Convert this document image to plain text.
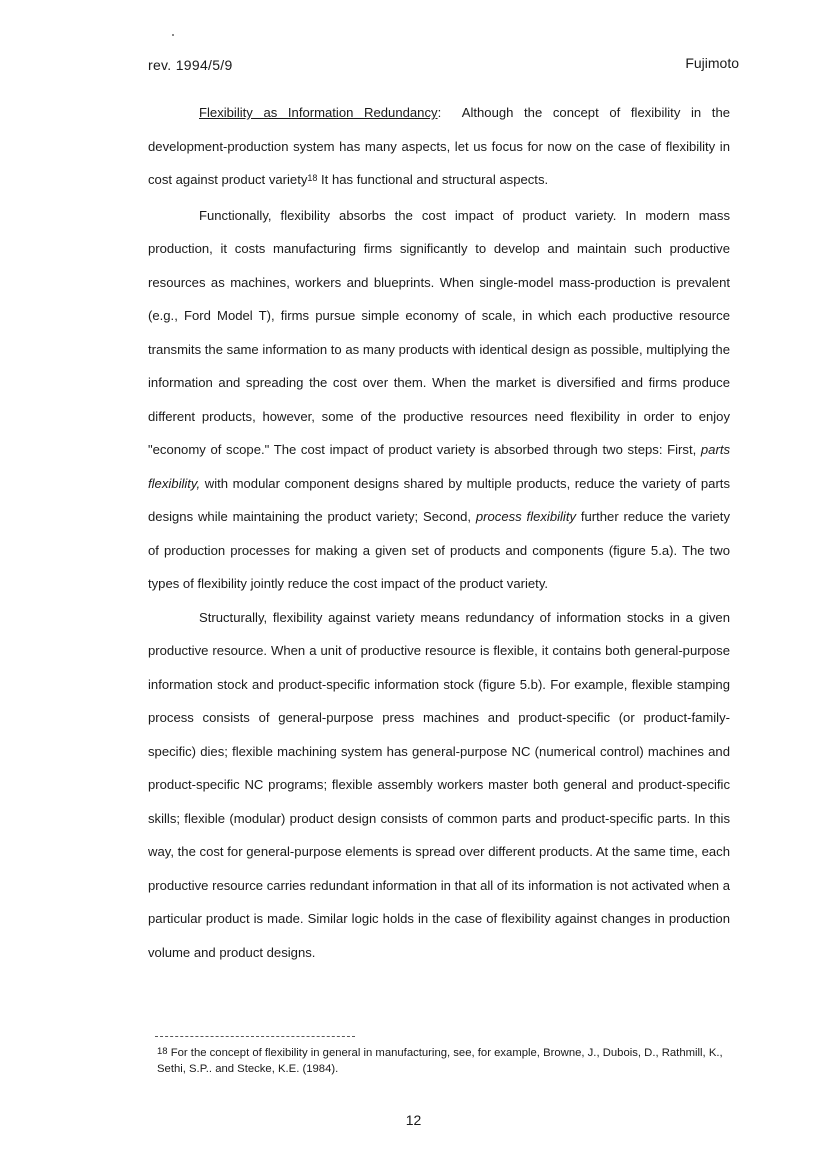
rev. 1994/5/9	Fujimoto

Flexibility as Information Redundancy: Although the concept of flexibility in the development-production system has many aspects, let us focus for now on the case of flexibility in cost against product variety$^{18}$ It has functional and structural aspects.

Functionally, flexibility absorbs the cost impact of product variety. In modern mass production, it costs manufacturing firms significantly to develop and maintain such productive resources as machines, workers and blueprints. When single-model mass-production is prevalent (e.g., Ford Model T), firms pursue simple economy of scale, in which each productive resource transmits the same information to as many products with identical design as possible, multiplying the information and spreading the cost over them. When the market is diversified and firms produce different products, however, some of the productive resources need flexibility in order to enjoy "economy of scope." The cost impact of product variety is absorbed through two steps: First, parts flexibility, with modular component designs shared by multiple products, reduce the variety of parts designs while maintaining the product variety; Second, process flexibility further reduce the variety of production processes for making a given set of products and components (figure 5.a). The two types of flexibility jointly reduce the cost impact of the product variety.

Structurally, flexibility against variety means redundancy of information stocks in a given productive resource. When a unit of productive resource is flexible, it contains both general-purpose information stock and product-specific information stock (figure 5.b). For example, flexible stamping process consists of general-purpose press machines and product-specific (or product-family-specific) dies; flexible machining system has general-purpose NC (numerical control) machines and product-specific NC programs; flexible assembly workers master both general and product-specific skills; flexible (modular) product design consists of common parts and product-specific parts. In this way, the cost for general-purpose elements is spread over different products. At the same time, each productive resource carries redundant information in that all of its information is not activated when a particular product is made. Similar logic holds in the case of flexibility against changes in production volume and product designs.

$^{18}$ For the concept of flexibility in general in manufacturing, see, for example, Browne, J., Dubois, D., Rathmill, K., Sethi, S.P.. and Stecke, K.E. (1984).
12
